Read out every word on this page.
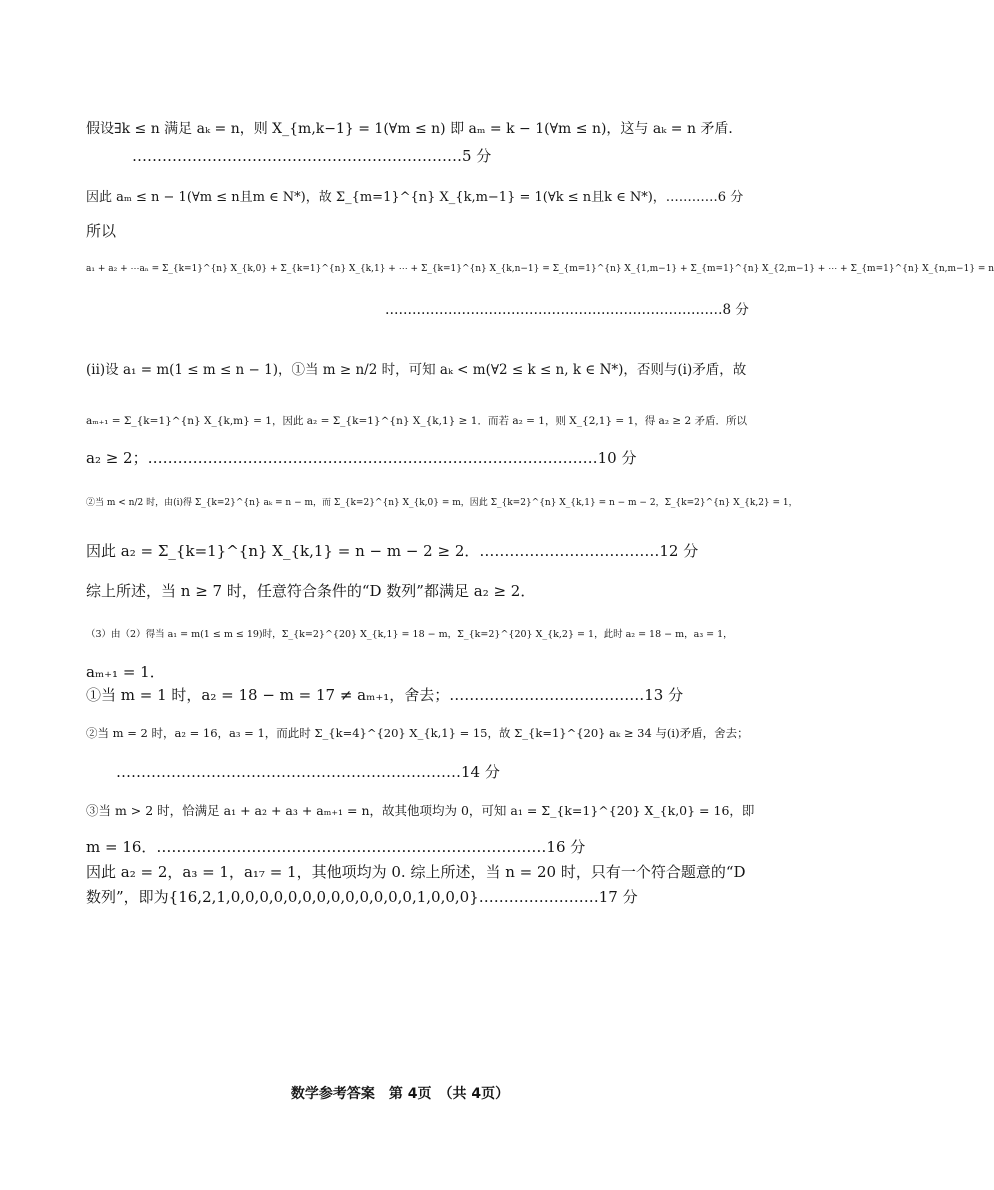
假设∃k ≤ n 满足 aₖ = n，则 X_{m,k−1} = 1(∀m ≤ n) 即 aₘ = k − 1(∀m ≤ n)，这与 aₖ = n 矛盾．
…………………………………………………………5 分
因此 aₘ ≤ n − 1(∀m ≤ n且m ∈ N*)，故 Σ_{m=1}^{n} X_{k,m−1} = 1(∀k ≤ n且k ∈ N*)，…………6 分
所以
a₁ + a₂ + ⋯aₙ = Σ_{k=1}^{n} X_{k,0} + Σ_{k=1}^{n} X_{k,1} + ⋯ + Σ_{k=1}^{n} X_{k,n−1} = Σ_{m=1}^{n} X_{1,m−1} + Σ_{m=1}^{n} X_{2,m−1} + ⋯ + Σ_{m=1}^{n} X_{n,m−1} = n
…………………………………………………………………8 分
(ii)设 a₁ = m(1 ≤ m ≤ n − 1)，①当 m ≥ n/2 时，可知 aₖ < m(∀2 ≤ k ≤ n, k ∈ N*)，否则与(i)矛盾，故
aₘ₊₁ = Σ_{k=1}^{n} X_{k,m} = 1，因此 a₂ = Σ_{k=1}^{n} X_{k,1} ≥ 1．而若 a₂ = 1，则 X_{2,1} = 1，得 a₂ ≥ 2 矛盾．所以
a₂ ≥ 2；………………………………………………………………………………10 分
②当 m < n/2 时，由(i)得 Σ_{k=2}^{n} aₖ = n − m，而 Σ_{k=2}^{n} X_{k,0} = m，因此 Σ_{k=2}^{n} X_{k,1} = n − m − 2，Σ_{k=2}^{n} X_{k,2} = 1，
因此 a₂ = Σ_{k=1}^{n} X_{k,1} = n − m − 2 ≥ 2．………………………………12 分
综上所述，当 n ≥ 7 时，任意符合条件的“D 数列”都满足 a₂ ≥ 2．
（3）由（2）得当 a₁ = m(1 ≤ m ≤ 19)时，Σ_{k=2}^{20} X_{k,1} = 18 − m，Σ_{k=2}^{20} X_{k,2} = 1，此时 a₂ = 18 − m，a₃ = 1，
aₘ₊₁ = 1．
①当 m = 1 时，a₂ = 18 − m = 17 ≠ aₘ₊₁，舍去；…………………………………13 分
②当 m = 2 时，a₂ = 16，a₃ = 1，而此时 Σ_{k=4}^{20} X_{k,1} = 15，故 Σ_{k=1}^{20} aₖ ≥ 34 与(i)矛盾，舍去；
……………………………………………………………14 分
③当 m > 2 时，恰满足 a₁ + a₂ + a₃ + aₘ₊₁ = n，故其他项均为 0，可知 a₁ = Σ_{k=1}^{20} X_{k,0} = 16，即
m = 16．……………………………………………………………………16 分
因此 a₂ = 2，a₃ = 1，a₁₇ = 1，其他项均为 0. 综上所述，当 n = 20 时，只有一个符合题意的“D
数列”，即为{16,2,1,0,0,0,0,0,0,0,0,0,0,0,0,0,1,0,0,0}……………………17 分
数学参考答案　第 4页　（共 4页）
